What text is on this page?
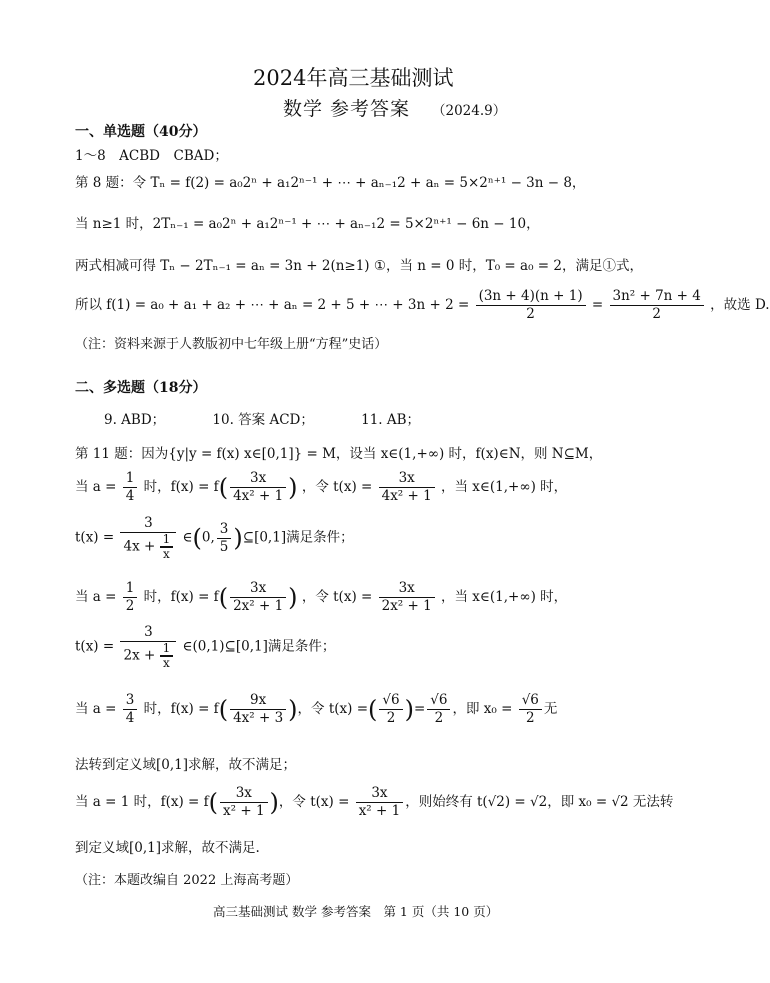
2024年高三基础测试
数学 参考答案 （2024.9）
一、单选题（40分）
1～8　ACBD　CBAD；
第 8 题：令 Tₙ = f(2) = a₀2ⁿ + a₁2ⁿ⁻¹ + ⋯ + aₙ₋₁2 + aₙ = 5×2ⁿ⁺¹ − 3n − 8，
当 n≥1 时，2Tₙ₋₁ = a₀2ⁿ + a₁2ⁿ⁻¹ + ⋯ + aₙ₋₁2 = 5×2ⁿ⁺¹ − 6n − 10，
两式相减可得 Tₙ − 2Tₙ₋₁ = aₙ = 3n + 2(n≥1) ①，当 n = 0 时，T₀ = a₀ = 2，满足①式，
所以 f(1) = a₀ + a₁ + a₂ + ⋯ + aₙ = 2 + 5 + ⋯ + $3n + 2 = \frac{(3n + 4)(n + 1)}{2} = \frac{\text{3n² + 7n + 4}}{2}$ ，故选 D.
（注：资料来源于人教版初中七年级上册“方程”史话）
二、多选题（18分）
9. ABD；　　　　10. 答案 ACD；　　　　11. AB；
第 11 题：因为{y|y = f(x) x∈[0,1]} = M，设当 x∈(1,+∞) 时，f(x)∈N，则 N⊆M，
当 $a = \frac{1}{4}$ 时，$f(x) = f( \frac{3x}{\text{4x² + 1}}$ ) ，令 $t(x) = \frac{3x}{\text{4x² + 1}}$ ，当 x∈(1,+∞) 时，
$t(x) = \frac{3}{4x + \frac{1}{x}}$ ∈(0, $\frac{3}{5}$ )⊆[0,1]满足条件；
当 $a = \frac{1}{2}$ 时，$f(x) = f( \frac{3x}{\text{2x² + 1}}$ ) ，令 $t(x) = \frac{3x}{\text{2x² + 1}}$ ，当 x∈(1,+∞) 时，
$t(x) = \frac{3}{2x + \frac{1}{x}}$ ∈(0,1)⊆[0,1]满足条件；
当 $a = \frac{3}{4}$ 时，$f(x) = f( \frac{9x}{\text{4x² + 3}}$ )，令 t(x) =( $\frac{√6}{2}$ )= $\frac{√6}{2}$ ，即 $x_0 = \frac{√6}{2}$ 无
法转到定义域[0,1]求解，故不满足；
当 a = 1 时，$f(x) = f( \frac{3x}{\text{x² + 1}}$ )，令 $t(x) = \frac{3x}{\text{x² + 1}}$ ，则始终有 t(√2) = √2，即 x₀ = √2 无法转
到定义域[0,1]求解，故不满足.
（注：本题改编自 2022 上海高考题）
高三基础测试 数学 参考答案　第 1 页（共 10 页）
